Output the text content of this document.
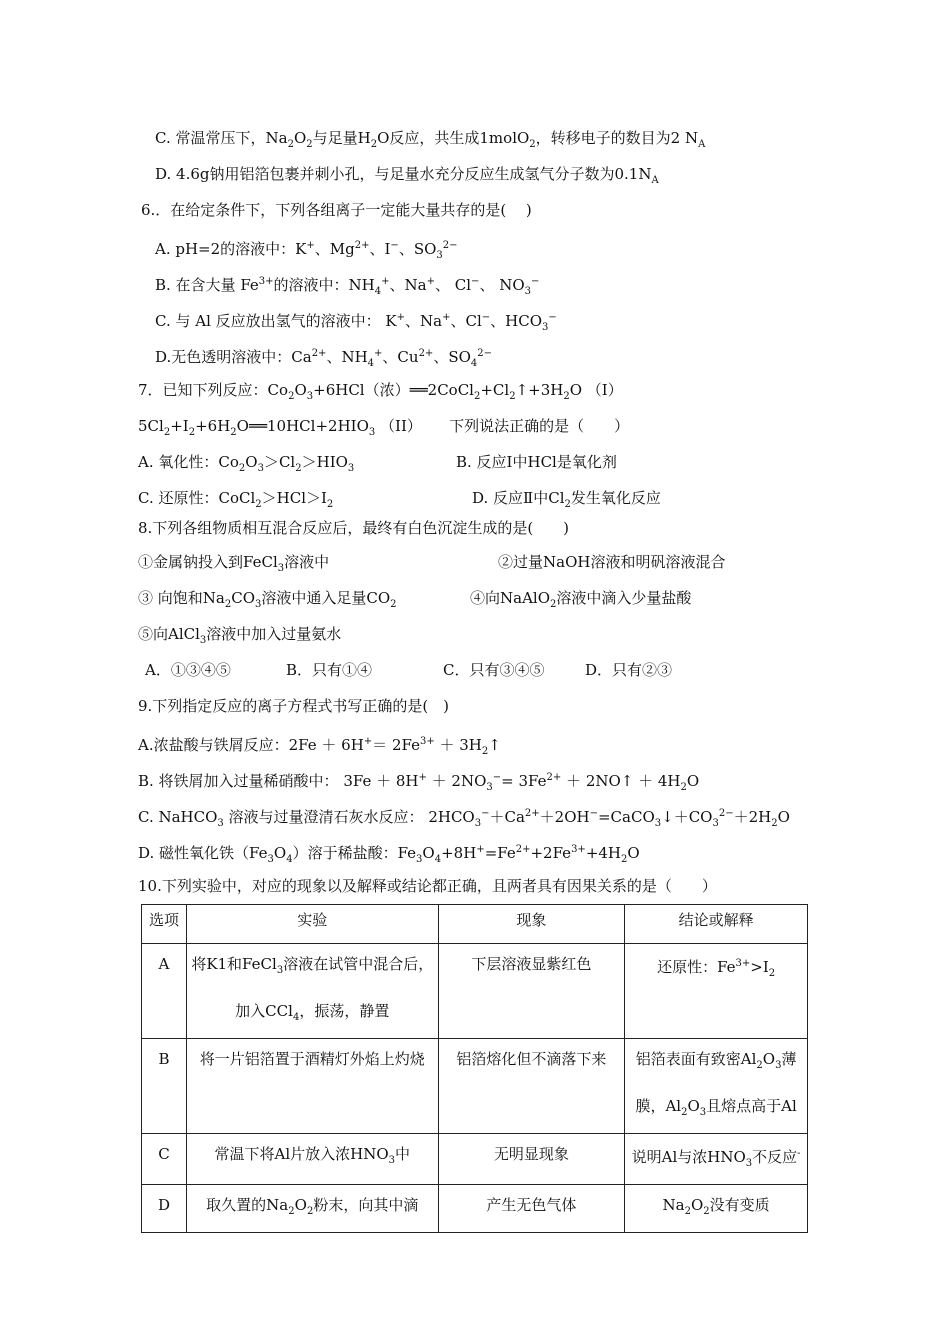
C. 常温常压下，$Na_2O_2$与足量$H_2O$反应，共生成1molO$_2$，转移电子的数目为2 $N_A$
D. 4.6g钠用铝箔包裹并刺小孔，与足量水充分反应生成氢气分子数为$0.1N_A$
6.．在给定条件下，下列各组离子一定能大量共存的是(　 )
A. pH=2的溶液中：K+、$Mg^{2+}$、I−、$SO_3^{2-}$
B. 在含大量 $Fe^{3+}$的溶液中：$NH_4^+$、Na+、 Cl−、 $NO_3^-$
C. 与 Al 反应放出氢气的溶液中： K+、Na+、Cl−、$HCO_3^-$
D.无色透明溶液中：$Ca^{2+}$、$NH_4^+$、$Cu^{2+}$、$SO_4^{2-}$
7．已知下列反应：$Co_2O_3+6HCl$（浓）$══2CoCl_2+Cl_2↑+3H_2O$ （I）
$5Cl_2+I_2+6H_2O══10HCl+2HIO_3$ （II）　　 下列说法正确的是（　　）
A. 氧化性：$Co_2O_3>Cl_2>HIO_3$	B. 反应Ⅰ中HCl是氧化剂
C. 还原性：$CoCl_2>HCl>I_2$	D. 反应Ⅱ中$Cl_2$发生氧化反应
8.下列各组物质相互混合反应后，最终有白色沉淀生成的是(　　)
①金属钠投入到FeCl$_3$溶液中	②过量NaOH溶液和明矾溶液混合
③ 向饱和$Na_2CO_3$溶液中通入足量$CO_2$	④向NaAlO$_2$溶液中滴入少量盐酸
⑤向AlCl$_3$溶液中加入过量氨水
A．①③④⑤	B．只有①④	C．只有③④⑤	D．只有②③
9.下列指定反应的离子方程式书写正确的是(　)
A.浓盐酸与铁屑反应：$2Fe + 6H^+= 2Fe^{3+}$ ＋ $3H_2↑$
B. 将铁屑加入过量稀硝酸中： $3Fe + 8H^+ + 2NO_3^-= 3Fe^{2+}$ ＋ 2NO↑ ＋ $4H_2O$
C. NaHCO$_3$ 溶液与过量澄清石灰水反应： $2HCO_3^-+Ca^{2+}+2OH^-=CaCO_3↓+CO_3^{2-}+2H_2O$
D. 磁性氧化铁$(Fe_3O_4)$溶于稀盐酸：$Fe_3O_4+8H^+=Fe^{2+}+2Fe^{3+}+4H_2O$
10.下列实验中，对应的现象以及解释或结论都正确，且两者具有因果关系的是（　　）
选项	实验	现象	结论或解释
A	将K1和FeCl$_3$溶液在试管中混合后，加入CCl$_4$，振荡，静置	下层溶液显紫红色	还原性：$Fe^{3+}>I_2$
B	将一片铝箔置于酒精灯外焰上灼烧	铝箔熔化但不滴落下来	铝箔表面有致密$Al_2O_3$薄膜，$Al_2O_3$且熔点高于Al
C	常温下将Al片放入浓$HNO_3$中	无明显现象	说明Al与浓$HNO_3$不反应-
D	取久置的$Na_2O_2$粉末，向其中滴	产生无色气体	$Na_2O_2$没有变质
